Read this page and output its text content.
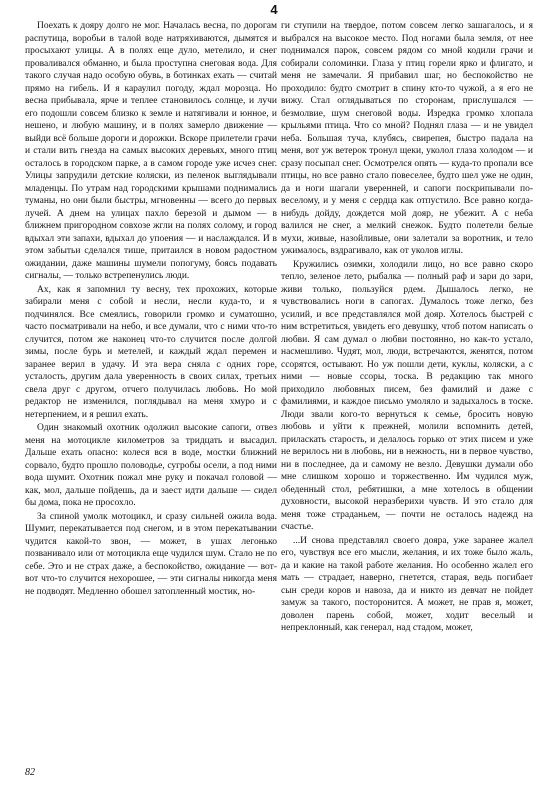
4

Поехать к дояру долго не мог. Началась весна, по дорогам распутица, воробьи в талой воде натряхиваются, дымятся и просыхают улицы. А в полях еще дуло, метелило, и снег проваливался обманно, и была проступна снеговая вода. Для такого случая надо особую обувь, в ботинках ехать — считай прямо на гибель. И я караулил погоду, ждал морозца. Но весна прибывала, ярче и теплее становилось солнце, и лучи его подошли совсем близко к земле и натягивали и юнное, и нешено, и любую машину, и в полях замерло движение — выйди всё больше дороги и дорожки. Вскоре прилетели грачи и стали вить гнезда на самых высоких деревьях, много птиц осталось в городском парке, а в самом городе уже исчез снег. Улицы запрудили детские коляски, из пеленок выглядывали младенцы. По утрам над городскими крышами поднимались туманы, но они были быстры, мгновенны — всего до первых лучей. А днем на улицах пахло березой и дымом — в ближнем пригородном совхозе жгли на полях солому, и город вдыхал эти запахи, вдыхал до упоения — и наслаждался. И в этом забытьи сделался тише, притаился в новом радостном ожидании, даже машины шумели попогуму, боясь подавать сигналы, — только встрепенулись люди.

Ах, как я запомнил ту весну, тех прохожих, которые забирали меня с собой и несли, несли куда-то, и я подчинялся. Все смеялись, говорили громко и суматошно, часто посматривали на небо, и все думали, что с ними что-то случится, потом же наконец что-то случится после долгой зимы, после бурь и метелей, и каждый ждал перемен и заранее верил в удачу. И эта вера сняла с одних горе, усталость, другим дала уверенность в своих силах, третьих свела друг с другом, отчего получилась любовь. Но мой редактор не изменился, поглядывал на меня хмуро и с нетерпением, и я решил ехать.

Один знакомый охотник одолжил высокие сапоги, отвез меня на мотоцикле километров за тридцать и высадил. Дальше ехать опасно: колеся вся в воде, мостки ближний сорвало, будто прошло половодье, сугробы осели, а под ними вода шумит. Охотник пожал мне руку и покачал головой — как, мол, дальше пойдешь, да и заест идти дальше — сидел бы дома, пока не просохло.

За спиной умолк мотоцикл, и сразу сильней ожила вода. Шумит, перекатывается под снегом, и в этом перекатывании чудится какой-то звон, — может, в ушах легонько позванивало или от мотоцикла еще чудился шум. Стало не по себе. Это и не страх даже, а беспокойство, ожидание — вот-вот что-то случится нехорошее, — эти сигналы никогда меня не подводят. Медленно обошел затопленный мостик, но-

ги ступили на твердое, потом совсем легко зашагалось, и я выбрался на высокое место. Под ногами была земля, от нее поднимался парок, совсем рядом со мной кодили грачи и собирали соломинки. Глаза у птиц горели ярко и флигато, и меня не замечали. Я прибавил шаг, но беспокойство не проходило: будто смотрит в спину кто-то чужой, а я его не вижу. Стал оглядываться по сторонам, прислушался — безмолвие, шум снеговой воды. Изредка громко хлопала крыльями птица. Что со мной? Поднял глаза — и не увидел неба. Большая туча, клубясь, свирепея, быстро падала на меня, вот уж ветерок тронул щеки, уколол глаза холодом — и сразу посыпал снег. Осмотрелся опять — куда-то пропали все птицы, но все равно стало повеселее, будто шел уже не один, да и ноги шагали уверенней, и сапоги поскрипывали по-веселому, и у меня с сердца как отпустило. Все равно когда-нибудь дойду, дождется мой дояр, не убежит. А с неба валился не снег, а мелкий снежок. Будто полетели белые мухи, живые, назойливые, они залетали за воротник, и тело ужималось, вздрагивало, как от уколов иглы.

Кружились озимки, холодили лицо, но все равно скоро тепло, зеленое лето, рыбалка — полный раф и зари до зари, живи только, пользуйся рдем. Дышалось легко, не чувствовались ноги в сапогах. Думалось тоже легко, без усилий, и все представлялся мой дояр. Хотелось быстрей с ним встретиться, увидеть его девушку, чтоб потом написать о любви. Я сам думал о любви постоянно, но как-то устало, насмешливо. Чудят, мол, люди, встречаются, женятся, потом ссорятся, остывают. Но уж пошли дети, куклы, коляски, а с ними — новые ссоры, тоска. В редакцию так много приходило любовных писем, без фамилий и даже с фамилиями, и каждое письмо умоляло и задыхалось в тоске. Люди звали кого-то вернуться к семье, бросить новую любовь и уйти к прежней, молили вспомнить детей, приласкать старость, и делалось горько от этих писем и уже не верилось ни в любовь, ни в нежность, ни в первое чувство, ни в последнее, да и самому не везло. Девушки думали обо мне слишком хорошо и торжественно. Им чудился муж, обеденный стол, ребятишки, а мне хотелось в общении духовности, высокой неразберихи чувств. И это стало для меня тоже страданьем, — почти не осталось надежд на счастье.

...И снова представлял своего дояра, уже заранее жалел его, чувствуя все его мысли, желания, и их тоже было жаль, да и какие на такой работе желания. Но особенно жалел его мать — страдает, наверно, гнетется, старая, ведь погибает сын среди коров и навоза, да и никто из девчат не пойдет замуж за такого, посторонится. А может, не прав я, может, доволен парень собой, может, ходит веселый и непреклонный, как генерал, над стадом, может,

82
